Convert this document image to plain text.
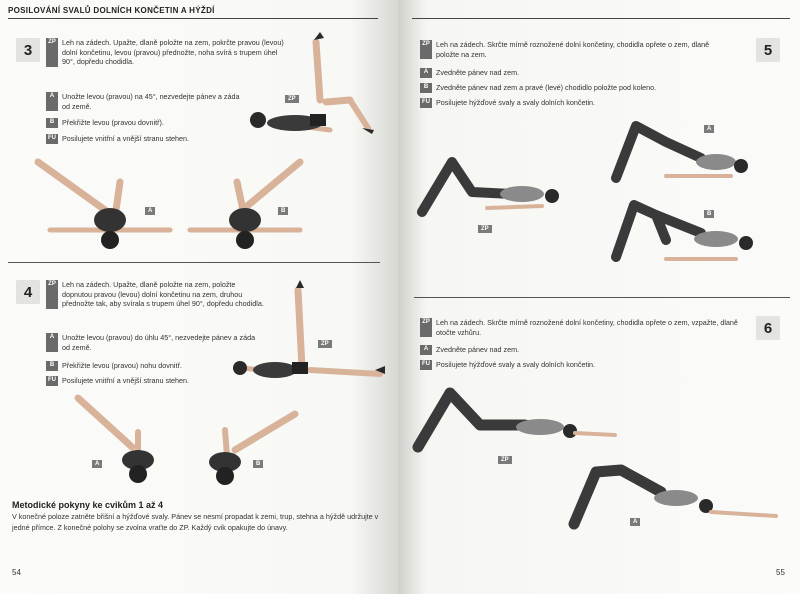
POSILOVÁNÍ SVALŮ DOLNÍCH KONČETIN A HÝŽDÍ
3	ZP Leh na zádech. Upažte, dlaně položte na zem, pokrčte pravou (levou) dolní končetinu, levou (pravou) přednožte, noha svírá s trupem úhel 90°, dopředu chodidla.
A	Unožte levou (pravou) na 45°, nezvedejte pánev a záda od země.
B	Překřižte levou (pravou dovnitř).
FÚ Posilujete vnitřní a vnější stranu stehen.
ZP
A	B
4	ZP Leh na zádech. Upažte, dlaně položte na zem, položte dopnutou pravou (levou) dolní končetinu na zem, druhou přednožte tak, aby svírala s trupem úhel 90°, dopředu chodidla.
A	Unožte levou (pravou) do úhlu 45°, nezvedejte pánev a záda od země.
B	Překřižte levou (pravou) nohu dovnitř.
FÚ Posilujete vnitřní a vnější stranu stehen.
ZP
A	B
Metodické pokyny ke cvikům 1 až 4
V konečné poloze zatněte břišní a hýžďové svaly. Pánev se nesmí propadat k zemi, trup, stehna a hýždě udržujte v jedné přímce. Z konečné polohy se zvolna vraťte do ZP. Každý cvik opakujte do únavy.
54
ZP Leh na zádech. Skrčte mírně roznožené dolní končetiny, chodidla opřete o zem, dlaně položte na zem.
A	Zvedněte pánev nad zem.
B	Zvedněte pánev nad zem a pravé (levé) chodidlo položte pod koleno.
FÚ Posilujete hýžďové svaly a svaly dolních končetin.
5
ZP
A
B
ZP Leh na zádech. Skrčte mírně roznožené dolní končetiny, chodidla opřete o zem, vzpažte, dlaně otočte vzhůru.
A	Zvedněte pánev nad zem.
FÚ Posilujete hýžďové svaly a svaly dolních končetin.
6
ZP
A
55
